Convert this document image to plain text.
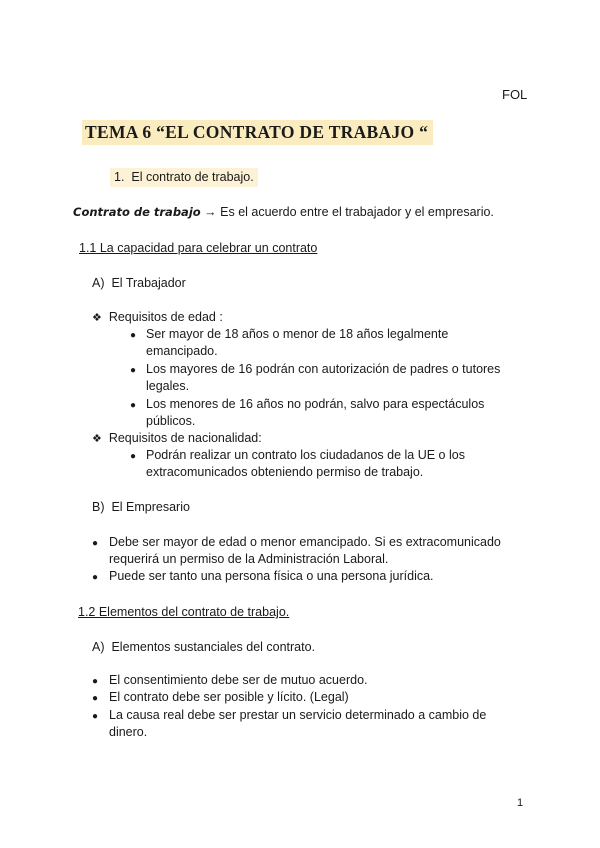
FOL
TEMA 6 “EL CONTRATO DE TRABAJO “
1. El contrato de trabajo.
Contrato de trabajo → Es el acuerdo entre el trabajador y el empresario.
1.1 La capacidad para celebrar un contrato
A) El Trabajador
❖ Requisitos de edad :
● Ser mayor de 18 años o menor de 18 años legalmente
emancipado.
● Los mayores de 16 podrán con autorización de padres o tutores
legales.
● Los menores de 16 años no podrán, salvo para espectáculos
públicos.
❖ Requisitos de nacionalidad:
● Podrán realizar un contrato los ciudadanos de la UE o los
extracomunicados obteniendo permiso de trabajo.
B) El Empresario
● Debe ser mayor de edad o menor emancipado. Si es extracomunicado
requerirá un permiso de la Administración Laboral.
● Puede ser tanto una persona física o una persona jurídica.
1.2 Elementos del contrato de trabajo.
A) Elementos sustanciales del contrato.
● El consentimiento debe ser de mutuo acuerdo.
● El contrato debe ser posible y lícito. (Legal)
● La causa real debe ser prestar un servicio determinado a cambio de
dinero.
1
